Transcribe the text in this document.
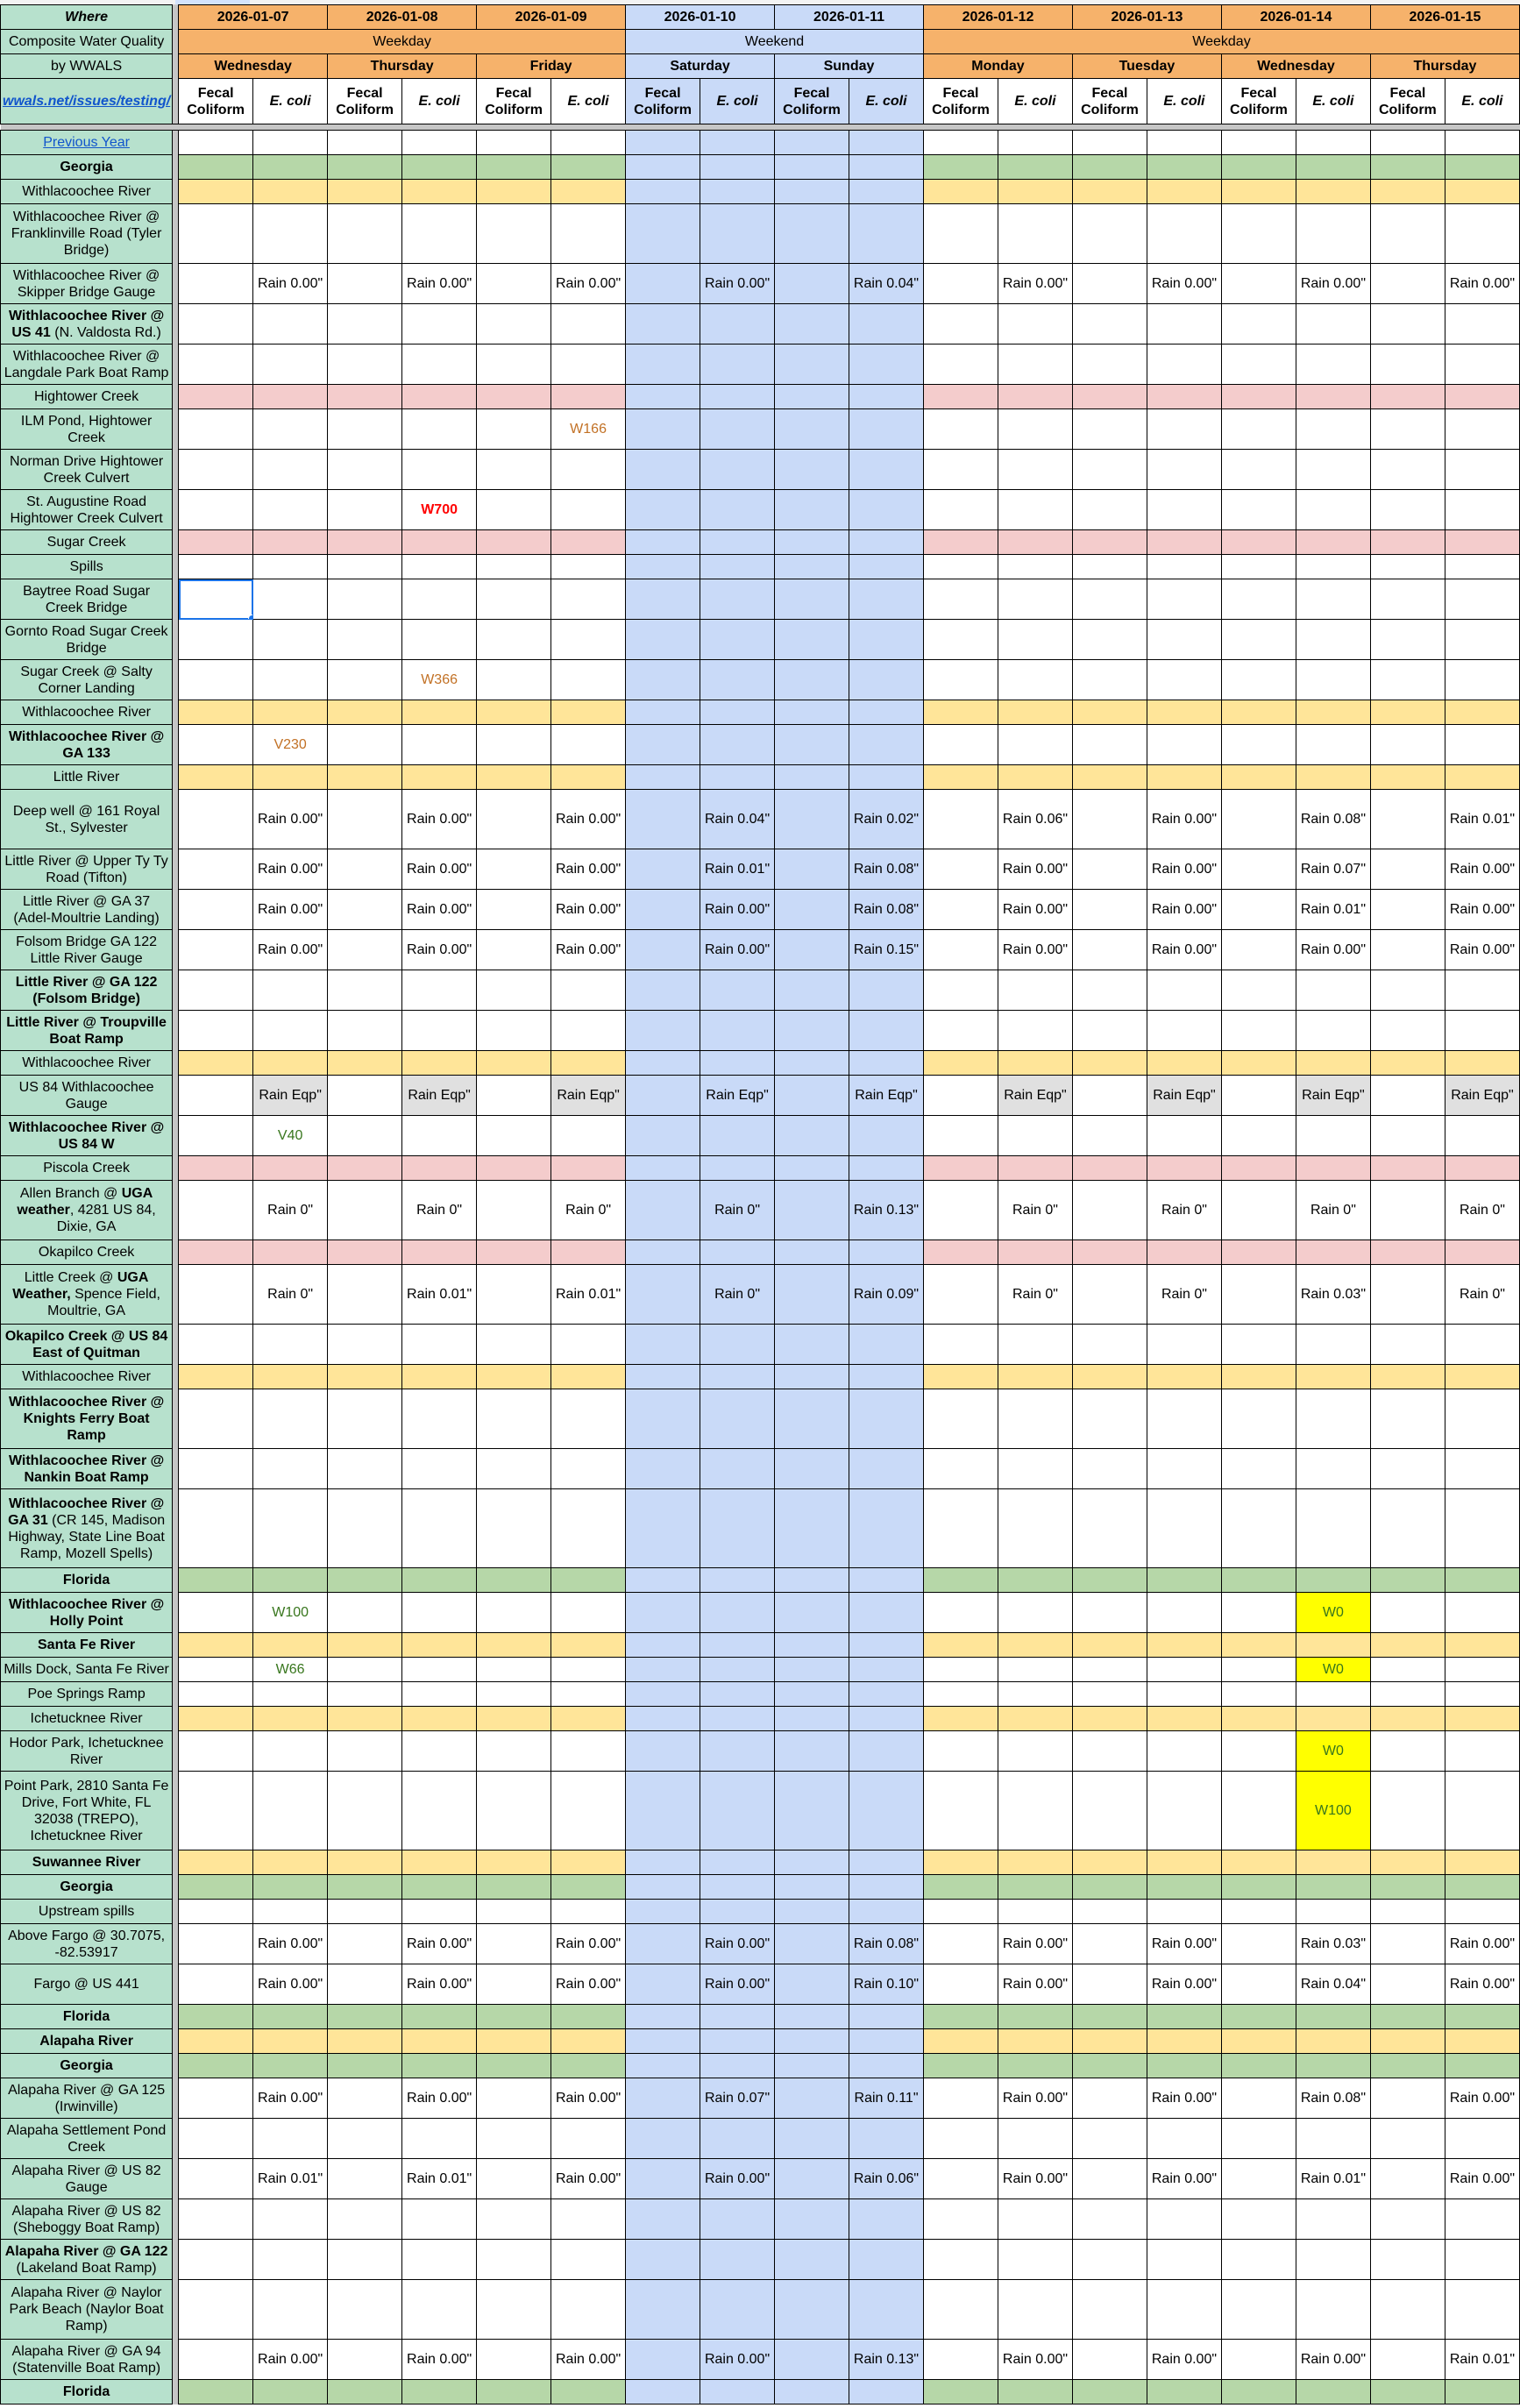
Where		2026-01-07		2026-01-08		2026-01-09		2026-01-10		2026-01-11		2026-01-12		2026-01-13		2026-01-14		2026-01-15	
Composite Water Quality		Weekday						Weekend				Weekday							
by WWALS		Wednesday		Thursday		Friday		Saturday		Sunday		Monday		Tuesday		Wednesday		Thursday	
wwals.net/issues/testing/		Fecal Coliform	E. coli	Fecal Coliform	E. coli	Fecal Coliform	E. coli	Fecal Coliform	E. coli	Fecal Coliform	E. coli	Fecal Coliform	E. coli	Fecal Coliform	E. coli	Fecal Coliform	E. coli	Fecal Coliform	E. coli

Previous Year																			
Georgia																			
Withlacoochee River																			
Withlacoochee River @ Franklinville Road (Tyler Bridge)																			
Withlacoochee River @ Skipper Bridge Gauge			Rain 0.00"		Rain 0.00"		Rain 0.00"		Rain 0.00"		Rain 0.04"		Rain 0.00"		Rain 0.00"		Rain 0.00"		Rain 0.00"
Withlacoochee River @ US 41 (N. Valdosta Rd.)																			
Withlacoochee River @ Langdale Park Boat Ramp																			
Hightower Creek																			
ILM Pond, Hightower Creek							W166												
Norman Drive Hightower Creek Culvert																			
St. Augustine Road Hightower Creek Culvert					W700														
Sugar Creek																			
Spills																			
Baytree Road Sugar Creek Bridge		

Gornto Road Sugar Creek Bridge																			
Sugar Creek @ Salty Corner Landing					W366														
Withlacoochee River																			
Withlacoochee River @ GA 133			V230																
Little River																			
Deep well @ 161 Royal St., Sylvester			Rain 0.00"		Rain 0.00"		Rain 0.00"		Rain 0.04"		Rain 0.02"		Rain 0.06"		Rain 0.00"		Rain 0.08"		Rain 0.01"
Little River @ Upper Ty Ty Road (Tifton)			Rain 0.00"		Rain 0.00"		Rain 0.00"		Rain 0.01"		Rain 0.08"		Rain 0.00"		Rain 0.00"		Rain 0.07"		Rain 0.00"
Little River @ GA 37 (Adel-Moultrie Landing)			Rain 0.00"		Rain 0.00"		Rain 0.00"		Rain 0.00"		Rain 0.08"		Rain 0.00"		Rain 0.00"		Rain 0.01"		Rain 0.00"
Folsom Bridge GA 122 Little River Gauge			Rain 0.00"		Rain 0.00"		Rain 0.00"		Rain 0.00"		Rain 0.15"		Rain 0.00"		Rain 0.00"		Rain 0.00"		Rain 0.00"
Little River @ GA 122 (Folsom Bridge)																			
Little River @ Troupville Boat Ramp																			
Withlacoochee River																			
US 84 Withlacoochee Gauge			Rain Eqp"		Rain Eqp"		Rain Eqp"		Rain Eqp"		Rain Eqp"		Rain Eqp"		Rain Eqp"		Rain Eqp"		Rain Eqp"
Withlacoochee River @ US 84 W			V40																
Piscola Creek																			
Allen Branch @ UGA weather, 4281 US 84, Dixie, GA			Rain 0"		Rain 0"		Rain 0"		Rain 0"		Rain 0.13"		Rain 0"		Rain 0"		Rain 0"		Rain 0"
Okapilco Creek																			
Little Creek @ UGA Weather, Spence Field, Moultrie, GA			Rain 0"		Rain 0.01"		Rain 0.01"		Rain 0"		Rain 0.09"		Rain 0"		Rain 0"		Rain 0.03"		Rain 0"
Okapilco Creek @ US 84 East of Quitman																			
Withlacoochee River																			
Withlacoochee River @ Knights Ferry Boat Ramp																			
Withlacoochee River @ Nankin Boat Ramp																			
Withlacoochee River @ GA 31 (CR 145, Madison Highway, State Line Boat Ramp, Mozell Spells)																			
Florida																			
Withlacoochee River @ Holly Point			W100														W0		
Santa Fe River																			
Mills Dock, Santa Fe River			W66														W0		
Poe Springs Ramp																			
Ichetucknee River																			
Hodor Park, Ichetucknee River																	W0		
Point Park, 2810 Santa Fe Drive, Fort White, FL 32038 (TREPO), Ichetucknee River																	W100		
Suwannee River																			
Georgia																			
Upstream spills																			
Above Fargo @ 30.7075, -82.53917			Rain 0.00"		Rain 0.00"		Rain 0.00"		Rain 0.00"		Rain 0.08"		Rain 0.00"		Rain 0.00"		Rain 0.03"		Rain 0.00"
Fargo @ US 441			Rain 0.00"		Rain 0.00"		Rain 0.00"		Rain 0.00"		Rain 0.10"		Rain 0.00"		Rain 0.00"		Rain 0.04"		Rain 0.00"
Florida																			
Alapaha River																			
Georgia																			
Alapaha River @ GA 125 (Irwinville)			Rain 0.00"		Rain 0.00"		Rain 0.00"		Rain 0.07"		Rain 0.11"		Rain 0.00"		Rain 0.00"		Rain 0.08"		Rain 0.00"
Alapaha Settlement Pond Creek																			
Alapaha River @ US 82 Gauge			Rain 0.01"		Rain 0.01"		Rain 0.00"		Rain 0.00"		Rain 0.06"		Rain 0.00"		Rain 0.00"		Rain 0.01"		Rain 0.00"
Alapaha River @ US 82 (Sheboggy Boat Ramp)																			
Alapaha River @ GA 122 (Lakeland Boat Ramp)																			
Alapaha River @ Naylor Park Beach (Naylor Boat Ramp)																			
Alapaha River @ GA 94 (Statenville Boat Ramp)			Rain 0.00"		Rain 0.00"		Rain 0.00"		Rain 0.00"		Rain 0.13"		Rain 0.00"		Rain 0.00"		Rain 0.00"		Rain 0.01"
Florida																			
